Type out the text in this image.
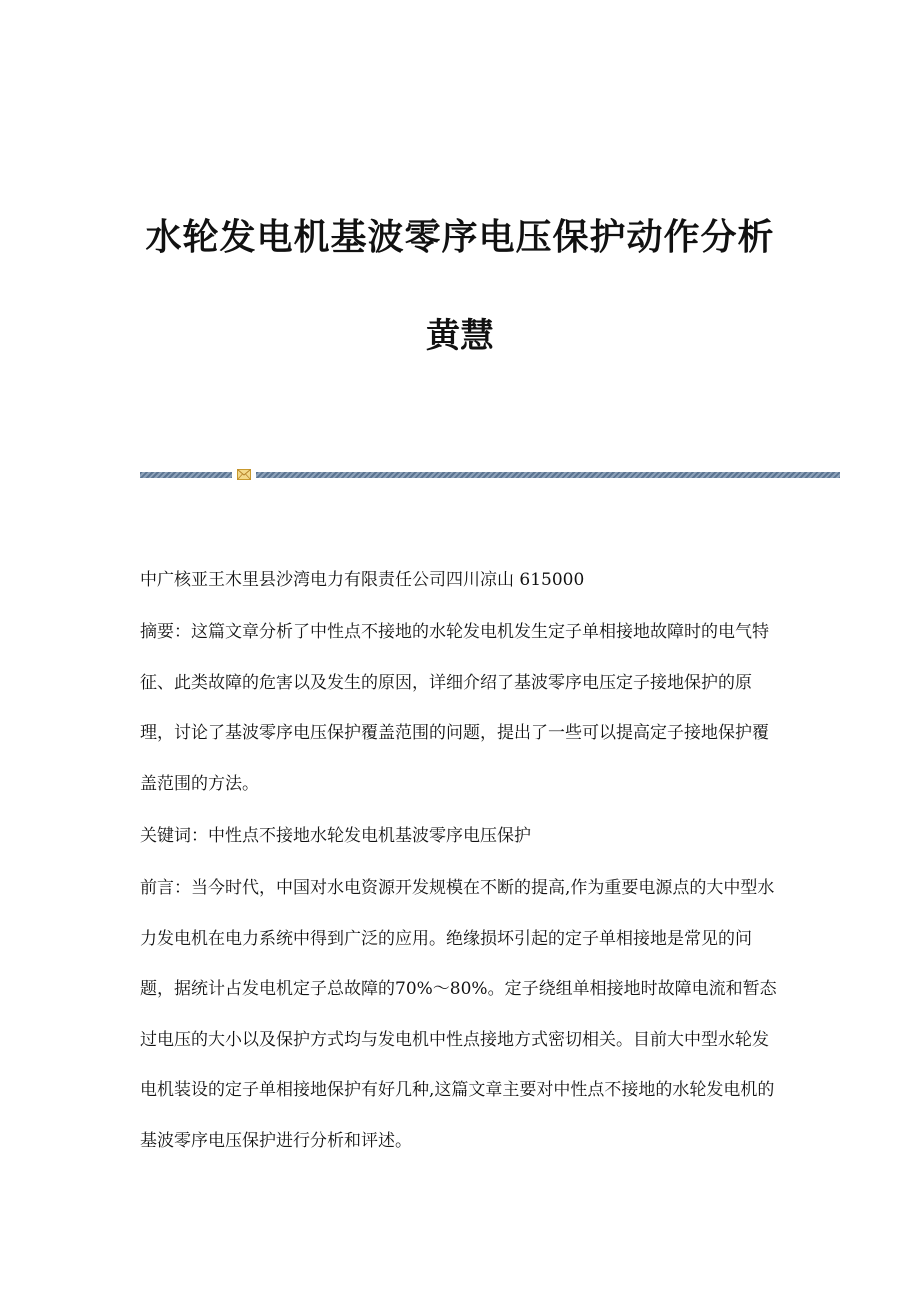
水轮发电机基波零序电压保护动作分析
黄慧

中广核亚王木里县沙湾电力有限责任公司四川凉山 615000

摘要：这篇文章分析了中性点不接地的水轮发电机发生定子单相接地故障时的电气特征、此类故障的危害以及发生的原因，详细介绍了基波零序电压定子接地保护的原理，讨论了基波零序电压保护覆盖范围的问题，提出了一些可以提高定子接地保护覆盖范围的方法。

关键词：中性点不接地水轮发电机基波零序电压保护

前言：当今时代，中国对水电资源开发规模在不断的提高,作为重要电源点的大中型水力发电机在电力系统中得到广泛的应用。绝缘损坏引起的定子单相接地是常见的问题，据统计占发电机定子总故障的70%～80%。定子绕组单相接地时故障电流和暂态过电压的大小以及保护方式均与发电机中性点接地方式密切相关。目前大中型水轮发电机装设的定子单相接地保护有好几种,这篇文章主要对中性点不接地的水轮发电机的基波零序电压保护进行分析和评述。
